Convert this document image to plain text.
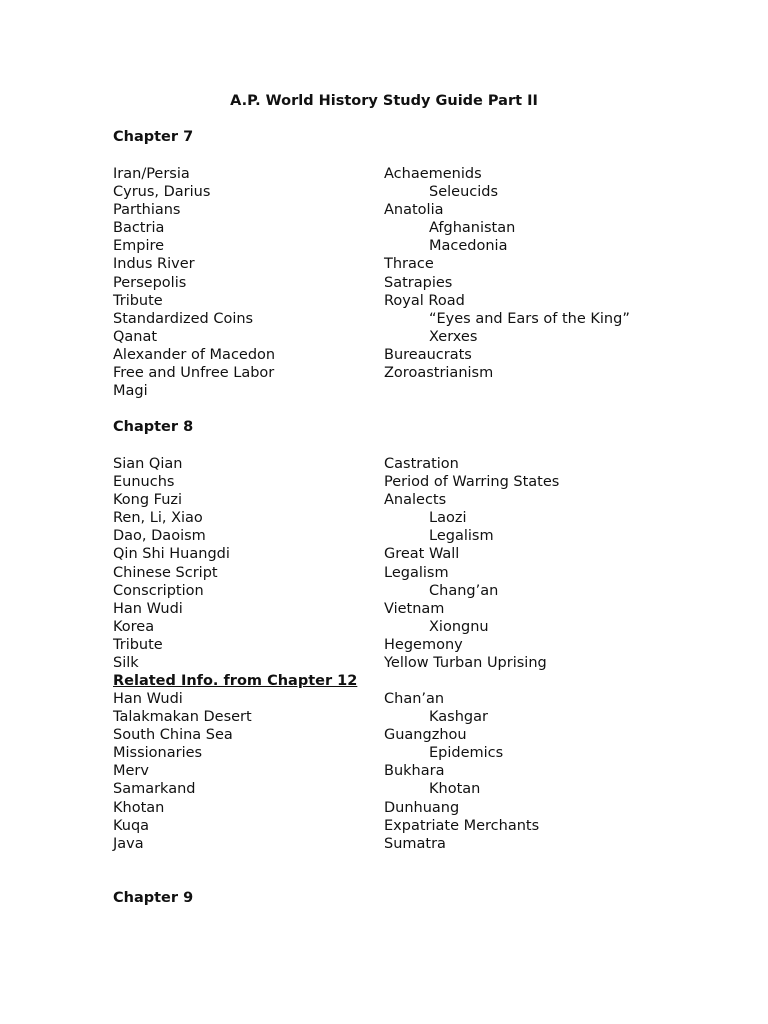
A.P. World History Study Guide Part II
Chapter 7
Iran/Persia
Cyrus, Darius
Parthians
Bactria
Empire
Indus River
Persepolis
Tribute
Standardized Coins
Qanat
Alexander of Macedon
Free and Unfree Labor
Magi
Achaemenids
Seleucids
Anatolia
Afghanistan
Macedonia
Thrace
Satrapies
Royal Road
“Eyes and Ears of the King”
Xerxes
Bureaucrats
Zoroastrianism
Chapter 8
Sian Qian
Eunuchs
Kong Fuzi
Ren, Li, Xiao
Dao, Daoism
Qin Shi Huangdi
Chinese Script
Conscription
Han Wudi
Korea
Tribute
Silk
Castration
Period of Warring States
Analects
Laozi
Legalism
Great Wall
Legalism
Chang’an
Vietnam
Xiongnu
Hegemony
Yellow Turban Uprising
Related Info. from Chapter 12
Han Wudi
Talakmakan Desert
South China Sea
Missionaries
Merv
Samarkand
Khotan
Kuqa
Java
Chan’an
Kashgar
Guangzhou
Epidemics
Bukhara
Khotan
Dunhuang
Expatriate Merchants
Sumatra
Chapter 9
